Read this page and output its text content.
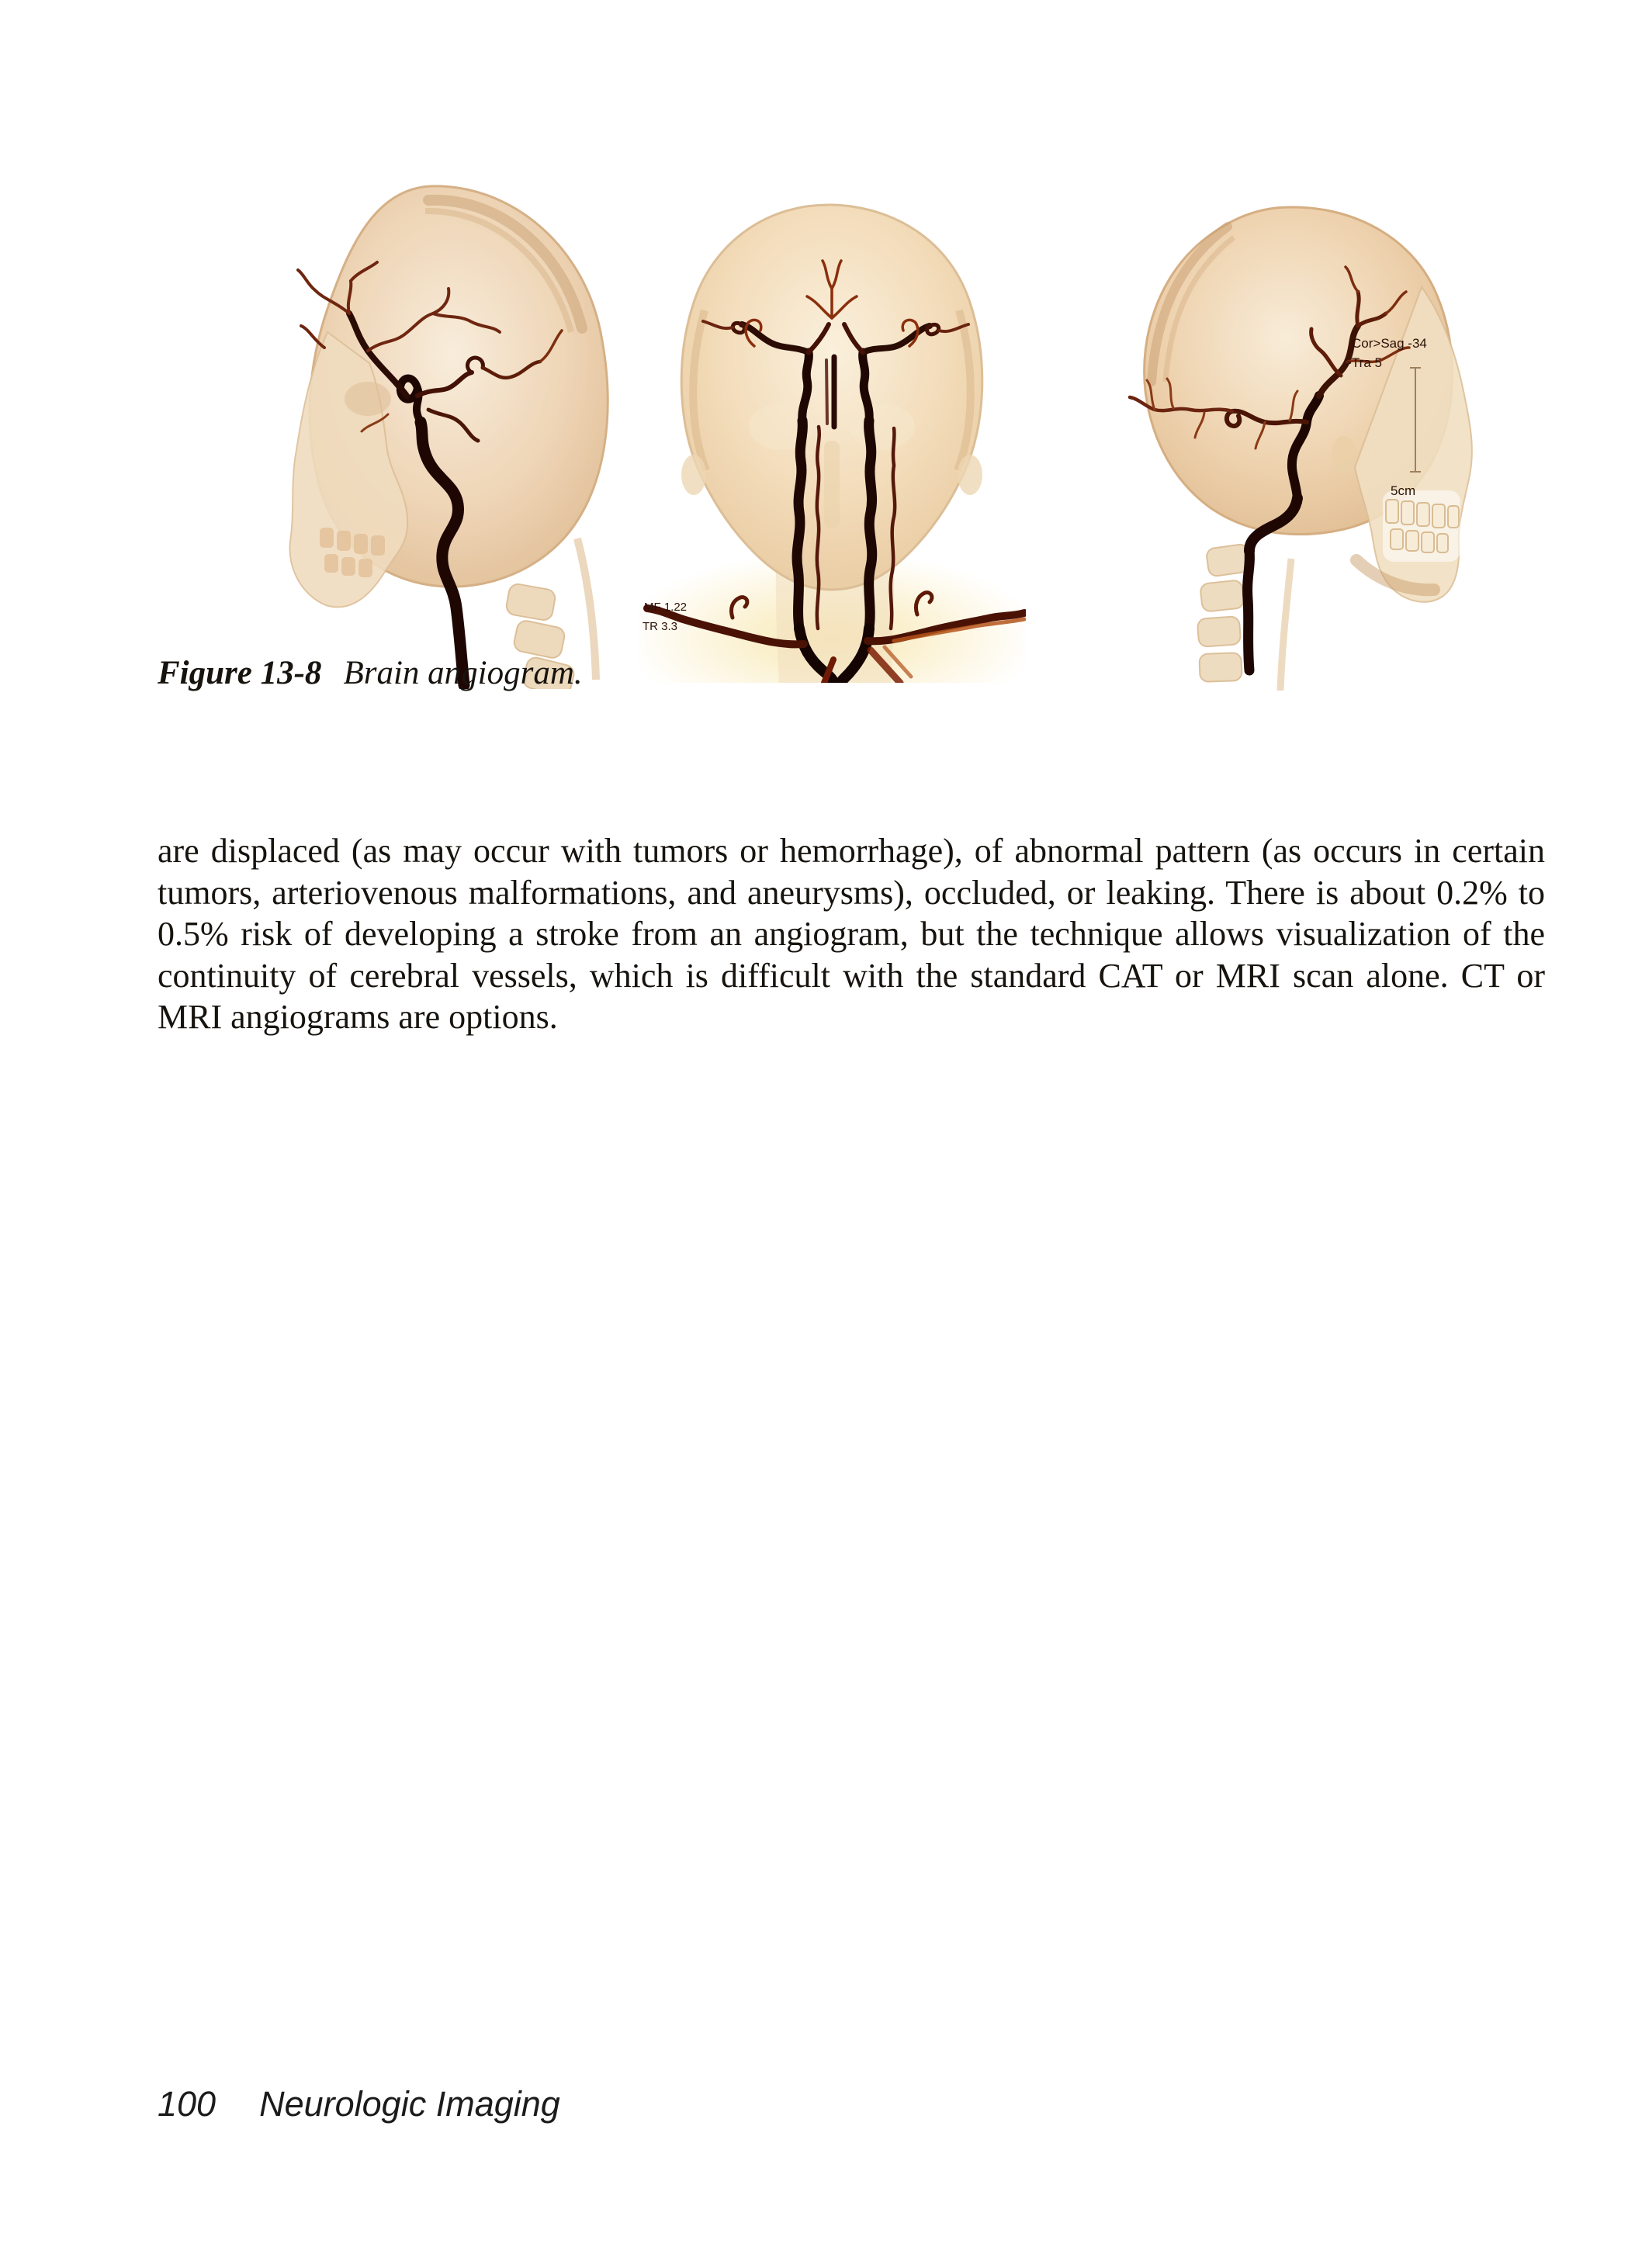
MF 1.22
TR 3.3
Cor>Sag -34
>Tra 5
5cm
Figure 13-8 Brain angiogram.

are displaced (as may occur with tumors or hemorrhage), of abnormal pattern (as occurs in certain tumors, arteriovenous malformations, and aneurysms), occluded, or leaking. There is about 0.2% to 0.5% risk of developing a stroke from an angiogram, but the technique allows visualization of the continuity of cerebral vessels, which is difficult with the standard CAT or MRI scan alone. CT or MRI angiograms are options.

100 Neurologic Imaging
